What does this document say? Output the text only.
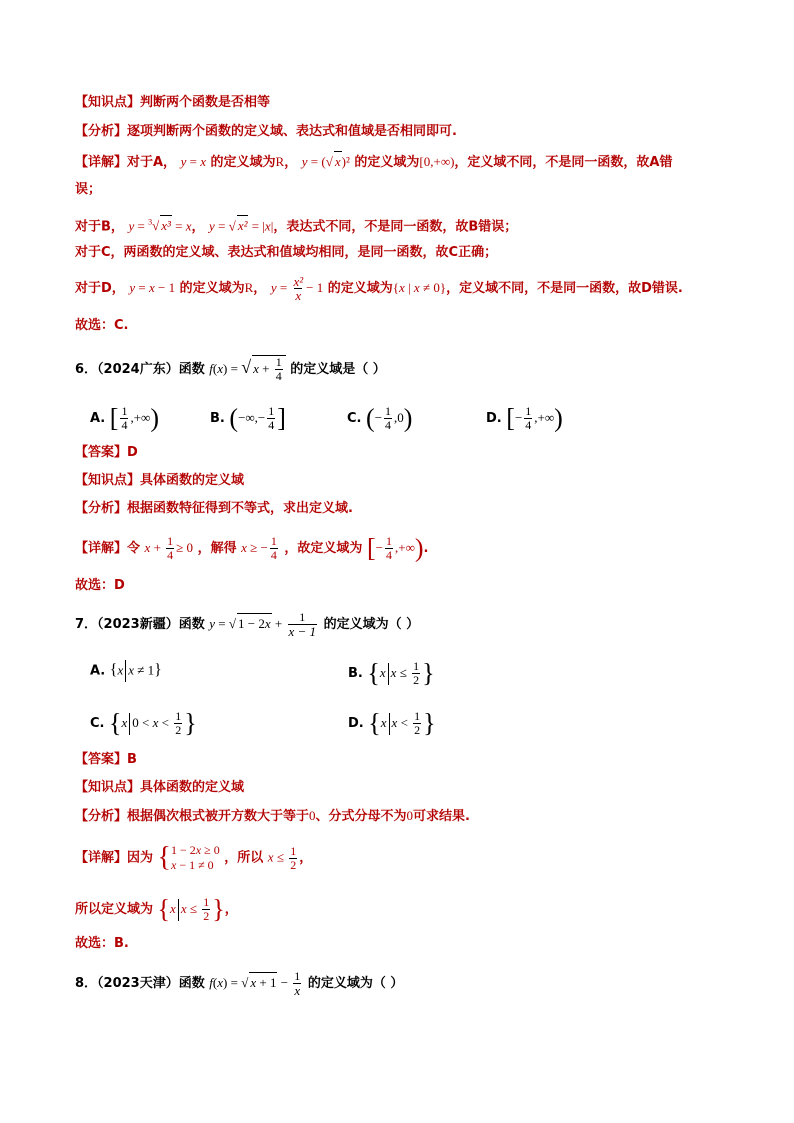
【知识点】判断两个函数是否相等
【分析】逐项判断两个函数的定义域、表达式和值域是否相同即可.
【详解】对于A， y = x 的定义域为R， y = (√ x)² 的定义域为[0,+∞)，定义域不同，不是同一函数，故A错
误；
对于B， y = $^3$√ x³ = x， y = √ x² = |x|，表达式不同，不是同一函数，故B错误；
对于C，两函数的定义域、表达式和值域均相同，是同一函数，故C正确；
对于D， y = x − 1 的定义域为R， $y = \frac{\text{x²}}{x} - 1$ 的定义域为{x | x ≠ 0}，定义域不同，不是同一函数，故D错误.
故选：C.
6．（2024广东）函数 f(x) = √ $x + \frac{1}{4}$ 的定义域是（ ）
A. [ $\frac{1}{4}$ ,+∞)	B. (−∞,− $\frac{1}{4}$ ]	C. (− $\frac{1}{4} ,0$)	D. [− $\frac{1}{4}$ ,+∞)
【答案】D
【知识点】具体函数的定义域
【分析】根据函数特征得到不等式，求出定义域.
【详解】令 $x + \frac{1}{4} \ge 0$ ，解得 x ≥ − $\frac{1}{4}$ ，故定义域为 [− $\frac{1}{4}$ ,+∞).
故选：D
7．（2023新疆）函数 y = √ $1 - 2x + \frac{1}{x - 1}$ 的定义域为（ ）
A. {x x ≠ 1}	B. {x $x \le \frac{1}{2}$ }
C. {x $0 < x < \frac{1}{2}$ }	D. {x $x < \frac{1}{2}$ }
【答案】B
【知识点】具体函数的定义域
【分析】根据偶次根式被开方数大于等于0、分式分母不为0可求结果.
【详解】因为 { 1 − 2x ≥ 0
x − 1 ≠ 0 ，所以 $x \le \frac{1}{2}$ ，
所以定义域为 {x $x \le \frac{1}{2}$ }，
故选：B.
8．（2023天津）函数 f(x) = √ $x + 1 - \frac{1}{x}$ 的定义域为（ ）
